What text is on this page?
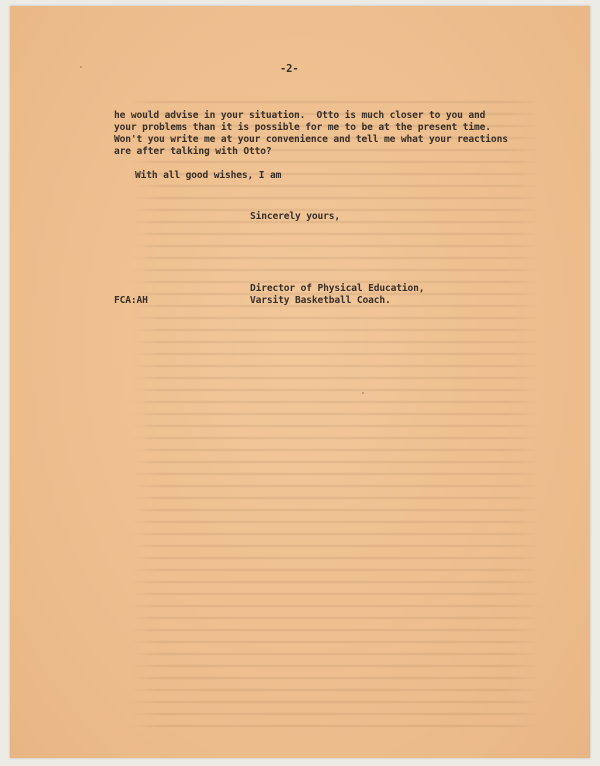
-2-
he would advise in your situation.  Otto is much closer to you and
your problems than it is possible for me to be at the present time.
Won't you write me at your convenience and tell me what your reactions
are after talking with Otto?
With all good wishes, I am
Sincerely yours,
Director of Physical Education,
Varsity Basketball Coach.
FCA:AH
